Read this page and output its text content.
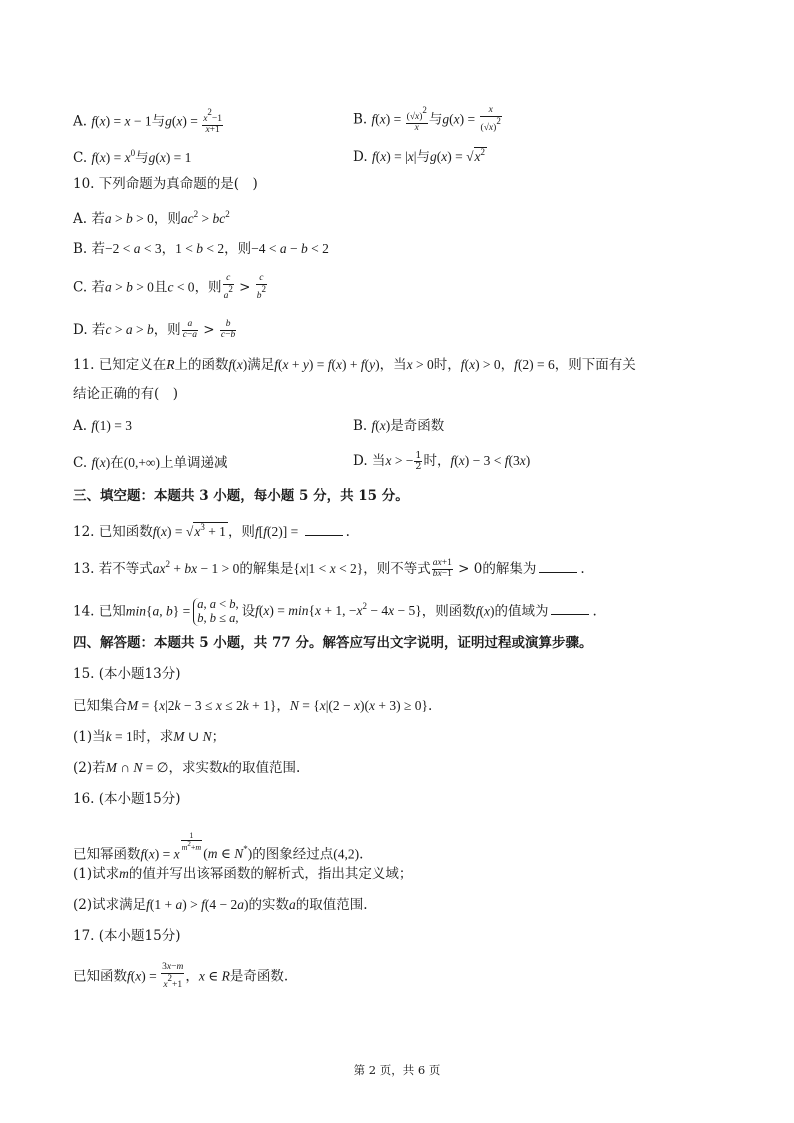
A. f(x) = x − 1与$g(x) = \frac{x^2-1}{x+1}$	B. $f(x) = \frac{(√x)^2}{x}$ 与$g(x) = \frac{x}{(√x)^2}$
C. $f(x) = x^0$与g(x) = 1	D. f(x) = |x|与$g(x) = √x^2$
10. 下列命题为真命题的是(　)
A. 若a > b > 0，则$ac^2 > bc^2$
B. 若−2 < a < 3，1 < b < 2，则−4 < a − b < 2
C. 若a > b > 0且c < 0，则 $\frac{c}{a^2} > \frac{c}{b^2}$
D. 若c > a > b，则 $\frac{a}{c-a} > \frac{b}{c-b}$
11. 已知定义在R上的函数f(x)满足f(x + y) = f(x) + f(y)，当x > 0时，f(x) > 0，f(2) = 6，则下面有关
结论正确的有(　)
A. f(1) = 3	B. f(x)是奇函数
C. f(x)在(0,+∞)上单调递减	D. 当x > − $\frac{1}{2}$ 时，f(x) − 3 < f(3x)
三、填空题：本题共 3 小题，每小题 5 分，共 15 分。
12. 已知函数$f(x) = √x^3 + 1$ ，则f[f(2)] =	.
13. 若不等式$ax^2$ + bx − 1 > 0的解集是{x|1 < x < 2}，则不等式 $\frac{ax+1}{bx-1} > 0$的解集为	.
14. 已知min{a, b} = a, a < b,
b, b ≤ a, 设f(x) = min{x + 1, $-x^2 - 4x - 5$}，则函数f(x)的值域为	.
四、解答题：本题共 5 小题，共 77 分。解答应写出文字说明，证明过程或演算步骤。
15. (本小题13分)
已知集合M = {x|2k − 3 ≤ x ≤ 2k + 1}，N = {x|(2 − x)(x + 3) ≥ 0}.
(1)当k = 1时，求M ∪ N；
(2)若M ∩ N = ∅，求实数k的取值范围.
16. (本小题15分)
已知幂函数f(x) = x
$\frac{1}{m^2+m}$
(m ∈ N*)的图象经过点(4,2).
(1)试求m的值并写出该幂函数的解析式，指出其定义域；
(2)试求满足f(1 + a) > f(4 − 2a)的实数a的取值范围.
17. (本小题15分)
已知函数$f(x) = \frac{3x-m}{x^2+1}$ ，x ∈ R是奇函数.
第 2 页，共 6 页
